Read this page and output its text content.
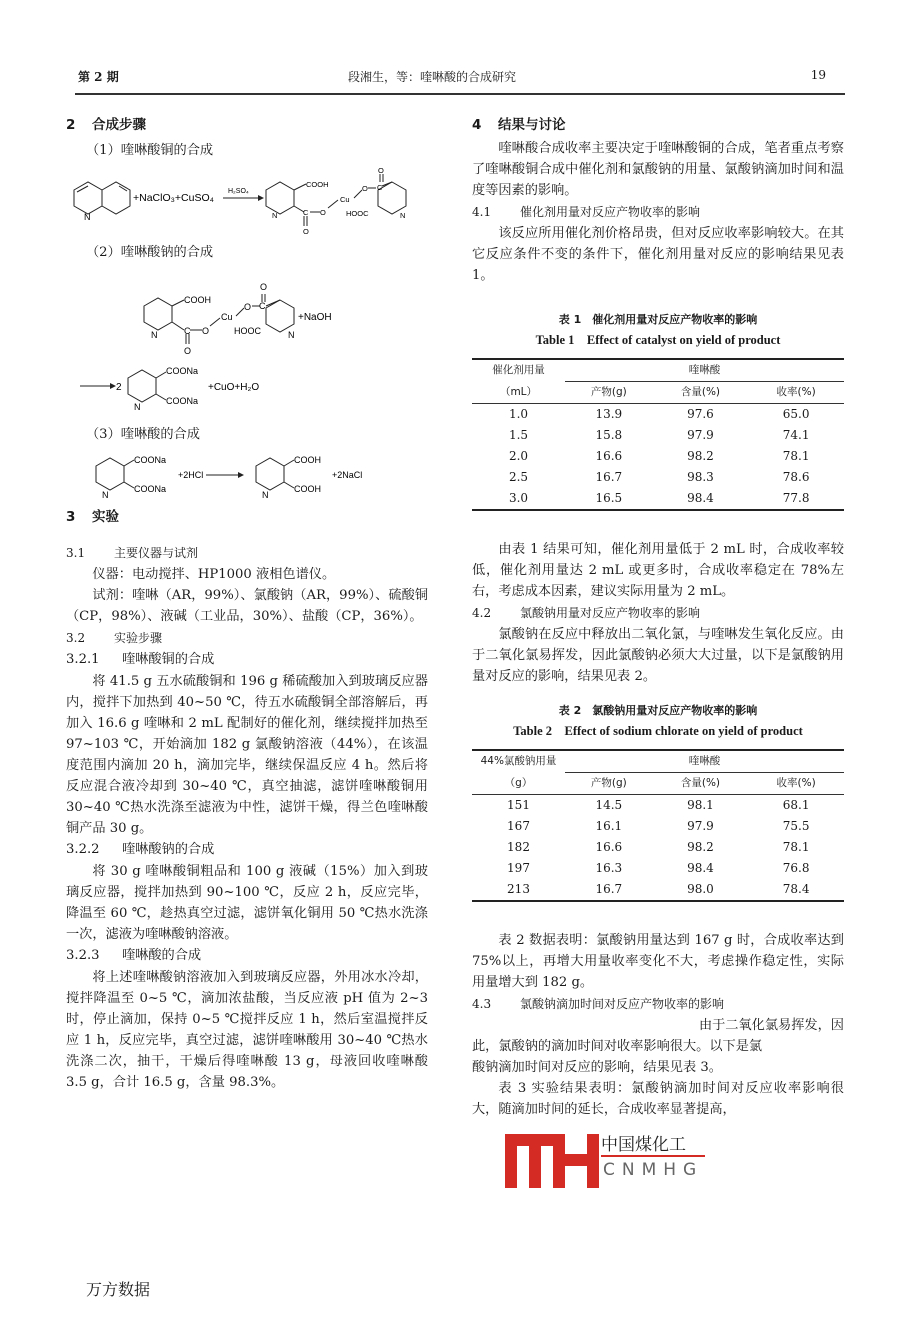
第 2 期	段湘生，等：喹啉酸的合成研究	19
2 合成步骤
（1）喹啉酸铜的合成
N
+NaClO₃+CuSO₄
H₂SO₄
COOH
N	C O
O
Cu
O C
O
HOOC	N
（2）喹啉酸钠的合成
COOH
N	C O
O
Cu
O C
O
HOOC	N
+NaOH
2
COONa
COONa
N
+CuO+H₂O
（3）喹啉酸的合成
COONa
COONa
N
+2HCl
COOH
COOH
N
+2NaCl
3 实验
3.1 主要仪器与试剂

仪器：电动搅拌、HP1000 液相色谱仪。

试剂：喹啉（AR，99%）、氯酸钠（AR，99%）、硫酸铜（CP，98%）、液碱（工业品，30%）、盐酸（CP，36%）。

3.2 实验步骤
3.2.1 喹啉酸铜的合成

将 41.5 g 五水硫酸铜和 196 g 稀硫酸加入到玻璃反应器内，搅拌下加热到 40~50 ℃，待五水硫酸铜全部溶解后，再加入 16.6 g 喹啉和 2 mL 配制好的催化剂，继续搅拌加热至 97~103 ℃，开始滴加 182 g 氯酸钠溶液（44%），在该温度范围内滴加 20 h，滴加完毕，继续保温反应 4 h。然后将反应混合液冷却到 30~40 ℃，真空抽滤，滤饼喹啉酸铜用 30~40 ℃热水洗涤至滤液为中性，滤饼干燥，得兰色喹啉酸铜产品 30 g。

3.2.2 喹啉酸钠的合成

将 30 g 喹啉酸铜粗品和 100 g 液碱（15%）加入到玻璃反应器，搅拌加热到 90~100 ℃，反应 2 h，反应完毕，降温至 60 ℃，趁热真空过滤，滤饼氧化铜用 50 ℃热水洗涤一次，滤液为喹啉酸钠溶液。

3.2.3 喹啉酸的合成

将上述喹啉酸钠溶液加入到玻璃反应器，外用冰水冷却，搅拌降温至 0~5 ℃，滴加浓盐酸，当反应液 pH 值为 2~3 时，停止滴加，保持 0~5 ℃搅拌反应 1 h，然后室温搅拌反应 1 h，反应完毕，真空过滤，滤饼喹啉酸用 30~40 ℃热水洗涤二次，抽干，干燥后得喹啉酸 13 g，母液回收喹啉酸 3.5 g，合计 16.5 g，含量 98.3%。

4 结果与讨论

喹啉酸合成收率主要决定于喹啉酸铜的合成，笔者重点考察了喹啉酸铜合成中催化剂和氯酸钠的用量、氯酸钠滴加时间和温度等因素的影响。

4.1 催化剂用量对反应产物收率的影响

该反应所用催化剂价格昂贵，但对反应收率影响较大。在其它反应条件不变的条件下，催化剂用量对反应的影响结果见表 1。

表 1　催化剂用量对反应产物收率的影响
Table 1　Effect of catalyst on yield of product
催化剂用量	喹啉酸		
（mL）	产物(g)	含量(%)	收率(%)
1.0	13.9	97.6	65.0
1.5	15.8	97.9	74.1
2.0	16.6	98.2	78.1
2.5	16.7	98.3	78.6
3.0	16.5	98.4	77.8

由表 1 结果可知，催化剂用量低于 2 mL 时，合成收率较低，催化剂用量达 2 mL 或更多时，合成收率稳定在 78%左右，考虑成本因素，建议实际用量为 2 mL。

4.2 氯酸钠用量对反应产物收率的影响

氯酸钠在反应中释放出二氧化氯，与喹啉发生氧化反应。由于二氧化氯易挥发，因此氯酸钠必须大大过量，以下是氯酸钠用量对反应的影响，结果见表 2。

表 2　氯酸钠用量对反应产物收率的影响
Table 2　Effect of sodium chlorate on yield of product
44%氯酸钠用量	喹啉酸		
（g）	产物(g)	含量(%)	收率(%)
151	14.5	98.1	68.1
167	16.1	97.9	75.5
182	16.6	98.2	78.1
197	16.3	98.4	76.8
213	16.7	98.0	78.4

表 2 数据表明：氯酸钠用量达到 167 g 时，合成收率达到 75%以上，再增大用量收率变化不大，考虑操作稳定性，实际用量增大到 182 g。

4.3 氯酸钠滴加时间对反应产物收率的影响

由于二氧化氯易挥发，因

此，氯酸钠的滴加时间对收率影响很大。以下是氯

酸钠滴加时间对反应的影响，结果见表 3。

表 3 实验结果表明：氯酸钠滴加时间对反应收率影响很大，随滴加时间的延长，合成收率显著提高，

中国煤化工
CNMHG
万方数据
